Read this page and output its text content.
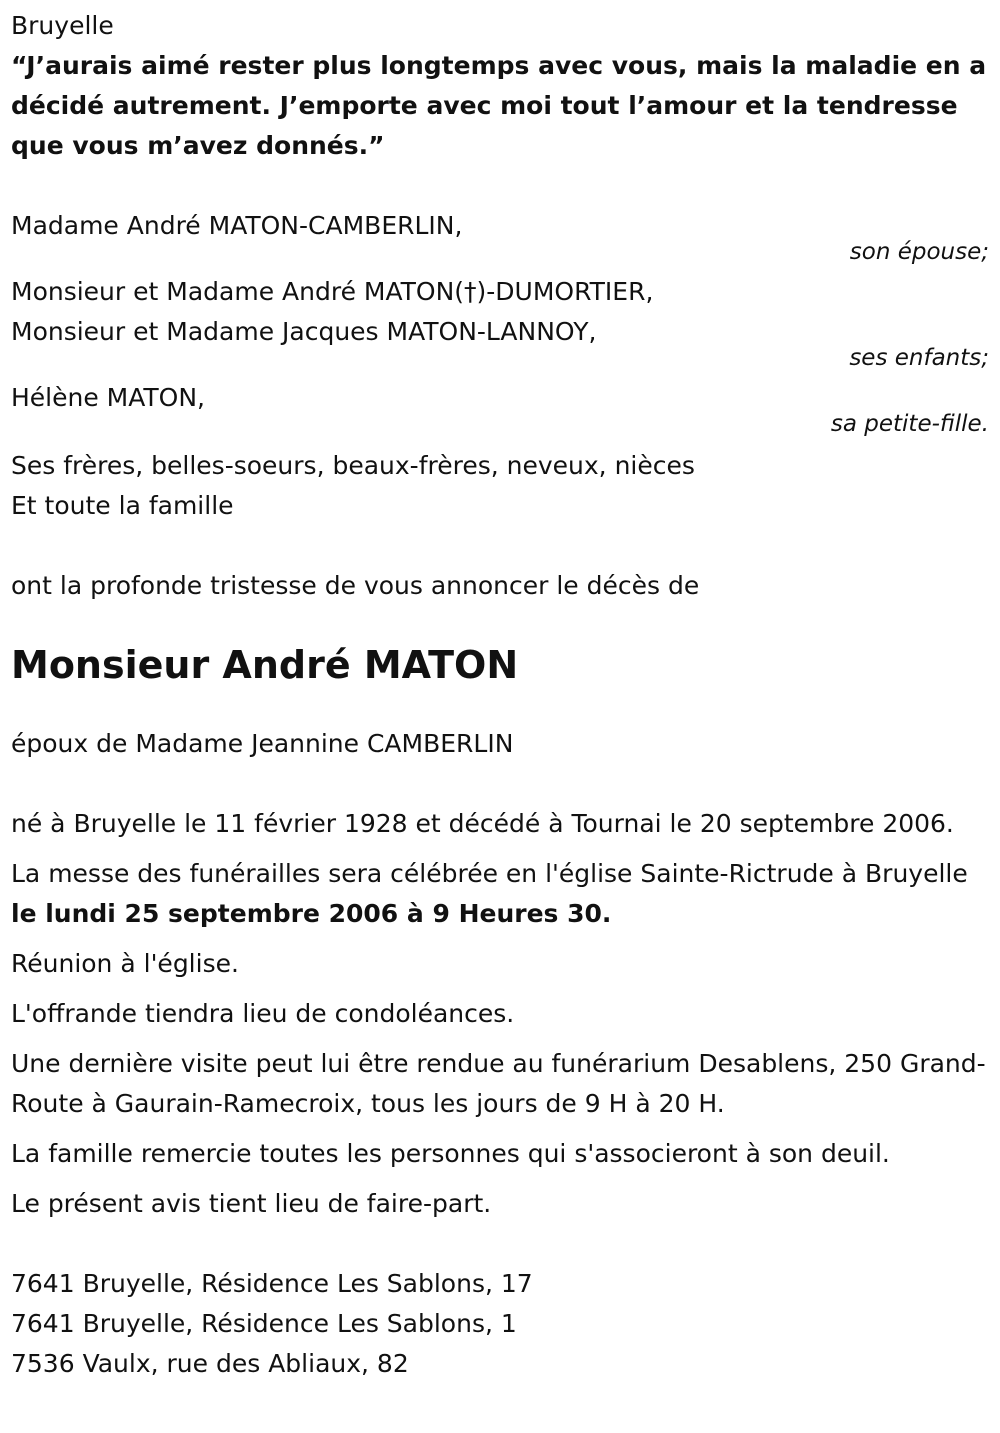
Bruyelle

“J’aurais aimé rester plus longtemps avec vous, mais la maladie en a décidé autrement. J’emporte avec moi tout l’amour et la tendresse que vous m’avez donnés.”

Madame André MATON-CAMBERLIN,

son épouse;

Monsieur et Madame André MATON(†)-DUMORTIER,

Monsieur et Madame Jacques MATON-LANNOY,

ses enfants;

Hélène MATON,

sa petite-fille.

Ses frères, belles-soeurs, beaux-frères, neveux, nièces

Et toute la famille

ont la profonde tristesse de vous annoncer le décès de

Monsieur André MATON

époux de Madame Jeannine CAMBERLIN

né à Bruyelle le 11 février 1928 et décédé à Tournai le 20 septembre 2006.

La messe des funérailles sera célébrée en l'église Sainte-Rictrude à Bruyelle le lundi 25 septembre 2006 à 9 Heures 30.

Réunion à l'église.

L'offrande tiendra lieu de condoléances.

Une dernière visite peut lui être rendue au funérarium Desablens, 250 Grand-Route à Gaurain-Ramecroix, tous les jours de 9 H à 20 H.

La famille remercie toutes les personnes qui s'associeront à son deuil.

Le présent avis tient lieu de faire-part.

7641 Bruyelle, Résidence Les Sablons, 17

7641 Bruyelle, Résidence Les Sablons, 1

7536 Vaulx, rue des Abliaux, 82
